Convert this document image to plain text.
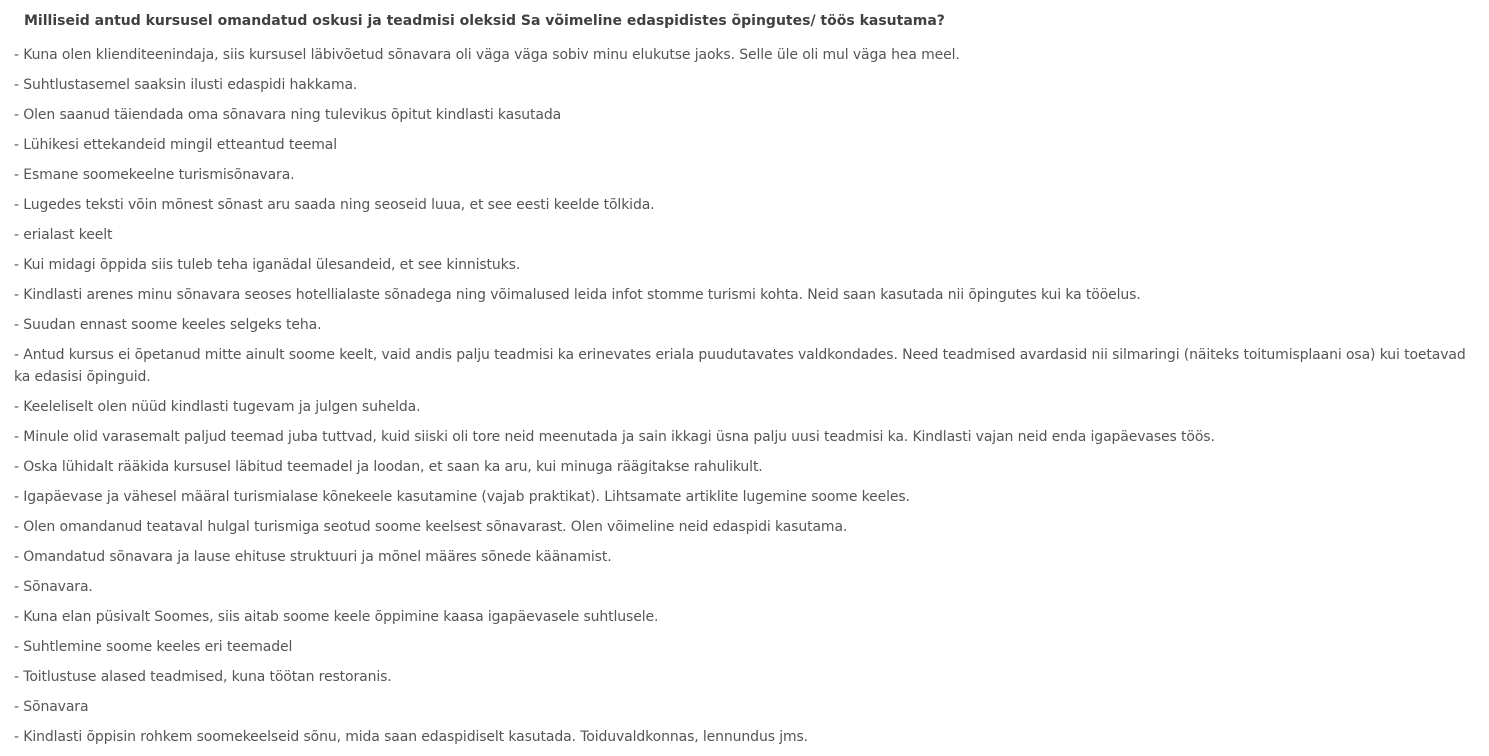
Milliseid antud kursusel omandatud oskusi ja teadmisi oleksid Sa võimeline edaspidistes õpingutes/ töös kasutama?
- Kuna olen klienditeenindaja, siis kursusel läbivõetud sõnavara oli väga väga sobiv minu elukutse jaoks. Selle üle oli mul väga hea meel.
- Suhtlustasemel saaksin ilusti edaspidi hakkama.
- Olen saanud täiendada oma sõnavara ning tulevikus õpitut kindlasti kasutada
- Lühikesi ettekandeid mingil etteantud teemal
- Esmane soomekeelne turismisõnavara.
- Lugedes teksti võin mõnest sõnast aru saada ning seoseid luua, et see eesti keelde tõlkida.
- erialast keelt
- Kui midagi õppida siis tuleb teha iganädal ülesandeid, et see kinnistuks.
- Kindlasti arenes minu sõnavara seoses hotellialaste sõnadega ning võimalused leida infot stomme turismi kohta. Neid saan kasutada nii õpingutes kui ka tööelus.
- Suudan ennast soome keeles selgeks teha.
- Antud kursus ei õpetanud mitte ainult soome keelt, vaid andis palju teadmisi ka erinevates eriala puudutavates valdkondades. Need teadmised avardasid nii silmaringi (näiteks toitumisplaani osa) kui toetavad ka edasisi õpinguid.
- Keeleliselt olen nüüd kindlasti tugevam ja julgen suhelda.
- Minule olid varasemalt paljud teemad juba tuttvad, kuid siiski oli tore neid meenutada ja sain ikkagi üsna palju uusi teadmisi ka. Kindlasti vajan neid enda igapäevases töös.
- Oska lühidalt rääkida kursusel läbitud teemadel ja loodan, et saan ka aru, kui minuga räägitakse rahulikult.
- Igapäevase ja vähesel määral turismialase kõnekeele kasutamine (vajab praktikat). Lihtsamate artiklite lugemine soome keeles.
- Olen omandanud teataval hulgal turismiga seotud soome keelsest sõnavarast. Olen võimeline neid edaspidi kasutama.
- Omandatud sõnavara ja lause ehituse struktuuri ja mõnel määres sõnede käänamist.
- Sõnavara.
- Kuna elan püsivalt Soomes, siis aitab soome keele õppimine kaasa igapäevasele suhtlusele.
- Suhtlemine soome keeles eri teemadel
- Toitlustuse alased teadmised, kuna töötan restoranis.
- Sõnavara
- Kindlasti õppisin rohkem soomekeelseid sõnu, mida saan edaspidiselt kasutada. Toiduvaldkonnas, lennundus jms.
